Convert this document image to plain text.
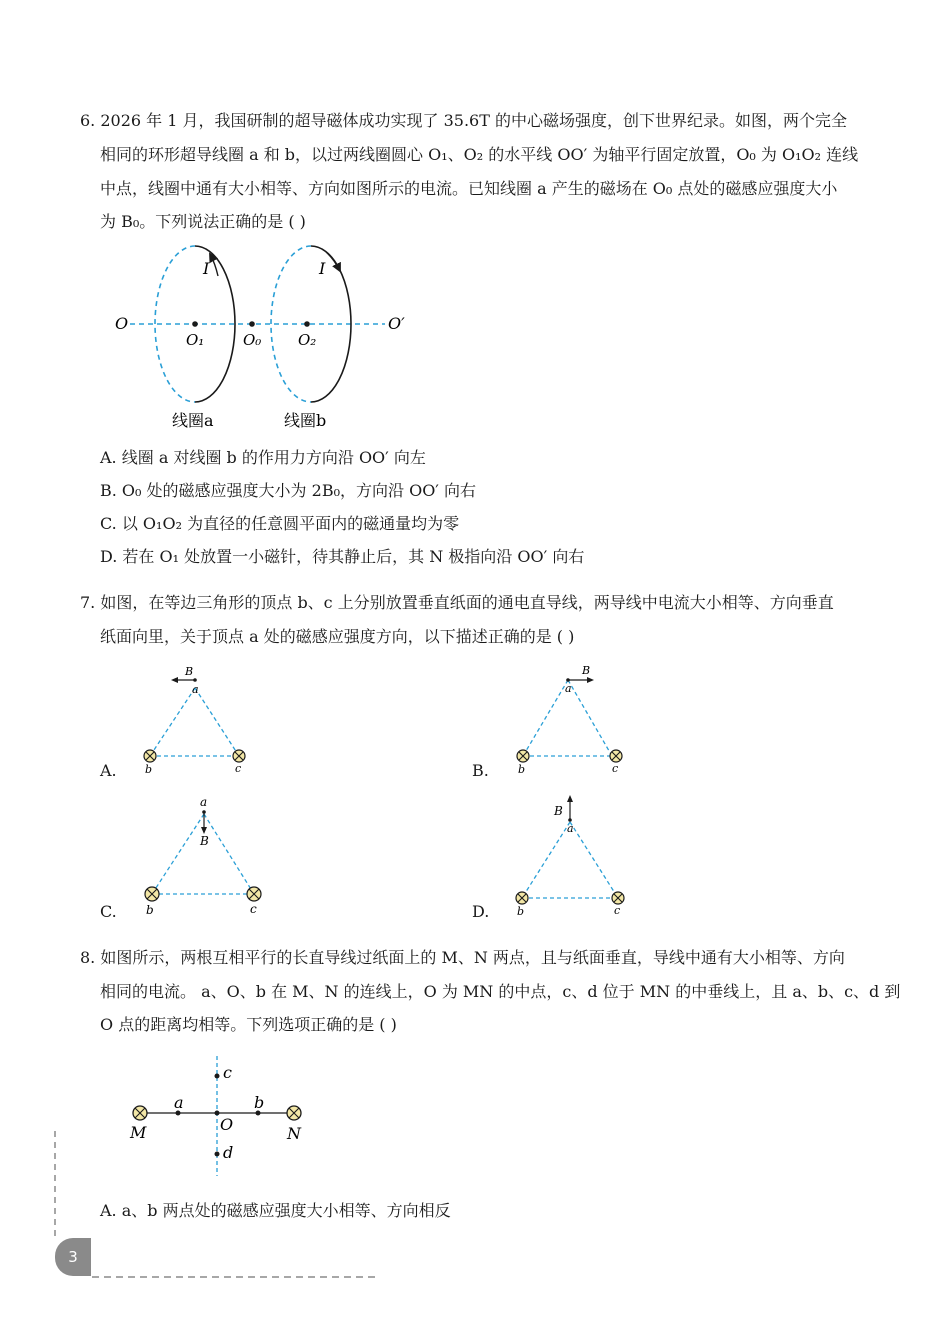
6. 2026 年 1 月，我国研制的超导磁体成功实现了 35.6T 的中心磁场强度，创下世界纪录。如图，两个完全
相同的环形超导线圈 a 和 b，以过两线圈圆心 O₁、O₂ 的水平线 OO′ 为轴平行固定放置，O₀ 为 O₁O₂ 连线
中点，线圈中通有大小相等、方向如图所示的电流。已知线圈 a 产生的磁场在 O₀ 点处的磁感应强度大小
为 B₀。下列说法正确的是 ( )
O	O′
O₁	O₀ O₂
I	I
线圈a	线圈b
A. 线圈 a 对线圈 b 的作用力方向沿 OO′ 向左
B. O₀ 处的磁感应强度大小为 2B₀，方向沿 OO′ 向右
C. 以 O₁O₂ 为直径的任意圆平面内的磁通量均为零
D. 若在 O₁ 处放置一小磁针，待其静止后，其 N 极指向沿 OO′ 向右
7. 如图，在等边三角形的顶点 b、c 上分别放置垂直纸面的通电直导线，两导线中电流大小相等、方向垂直
纸面向里，关于顶点 a 处的磁感应强度方向，以下描述正确的是 ( )
A.
B
a
b	c	B.
B
a
b	c
C.
a
B
b	c	D.
B
a
b	c
8. 如图所示，两根互相平行的长直导线过纸面上的 M、N 两点，且与纸面垂直，导线中通有大小相等、方向
相同的电流。 a、O、b 在 M、N 的连线上，O 为 MN 的中点，c、d 位于 MN 的中垂线上，且 a、b、c、d 到
O 点的距离均相等。下列选项正确的是 ( )
M	N
a
O
b
c
d
A. a、b 两点处的磁感应强度大小相等、方向相反
3
